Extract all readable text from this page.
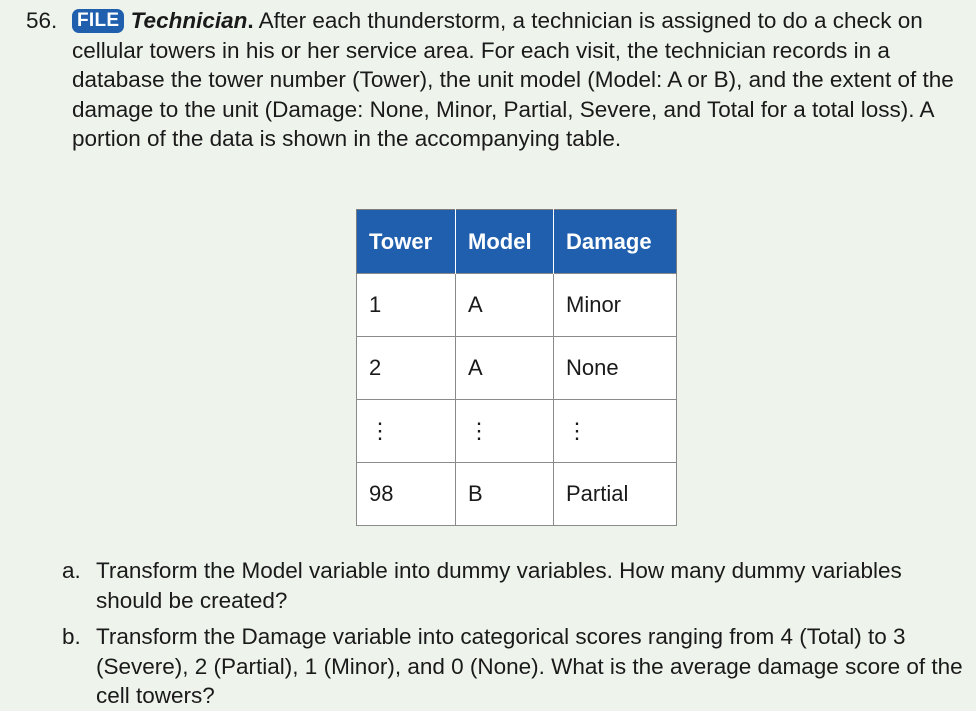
56. FILE Technician. After each thunderstorm, a technician is assigned to do a check on cellular towers in his or her service area. For each visit, the technician records in a database the tower number (Tower), the unit model (Model: A or B), and the extent of the damage to the unit (Damage: None, Minor, Partial, Severe, and Total for a total loss). A portion of the data is shown in the accompanying table.
Tower	Model	Damage
1	A	Minor
2	A	None
⋮	⋮	⋮
98	B	Partial
a. Transform the Model variable into dummy variables. How many dummy variables should be created?
b. Transform the Damage variable into categorical scores ranging from 4 (Total) to 3 (Severe), 2 (Partial), 1 (Minor), and 0 (None). What is the average damage score of the cell towers?
